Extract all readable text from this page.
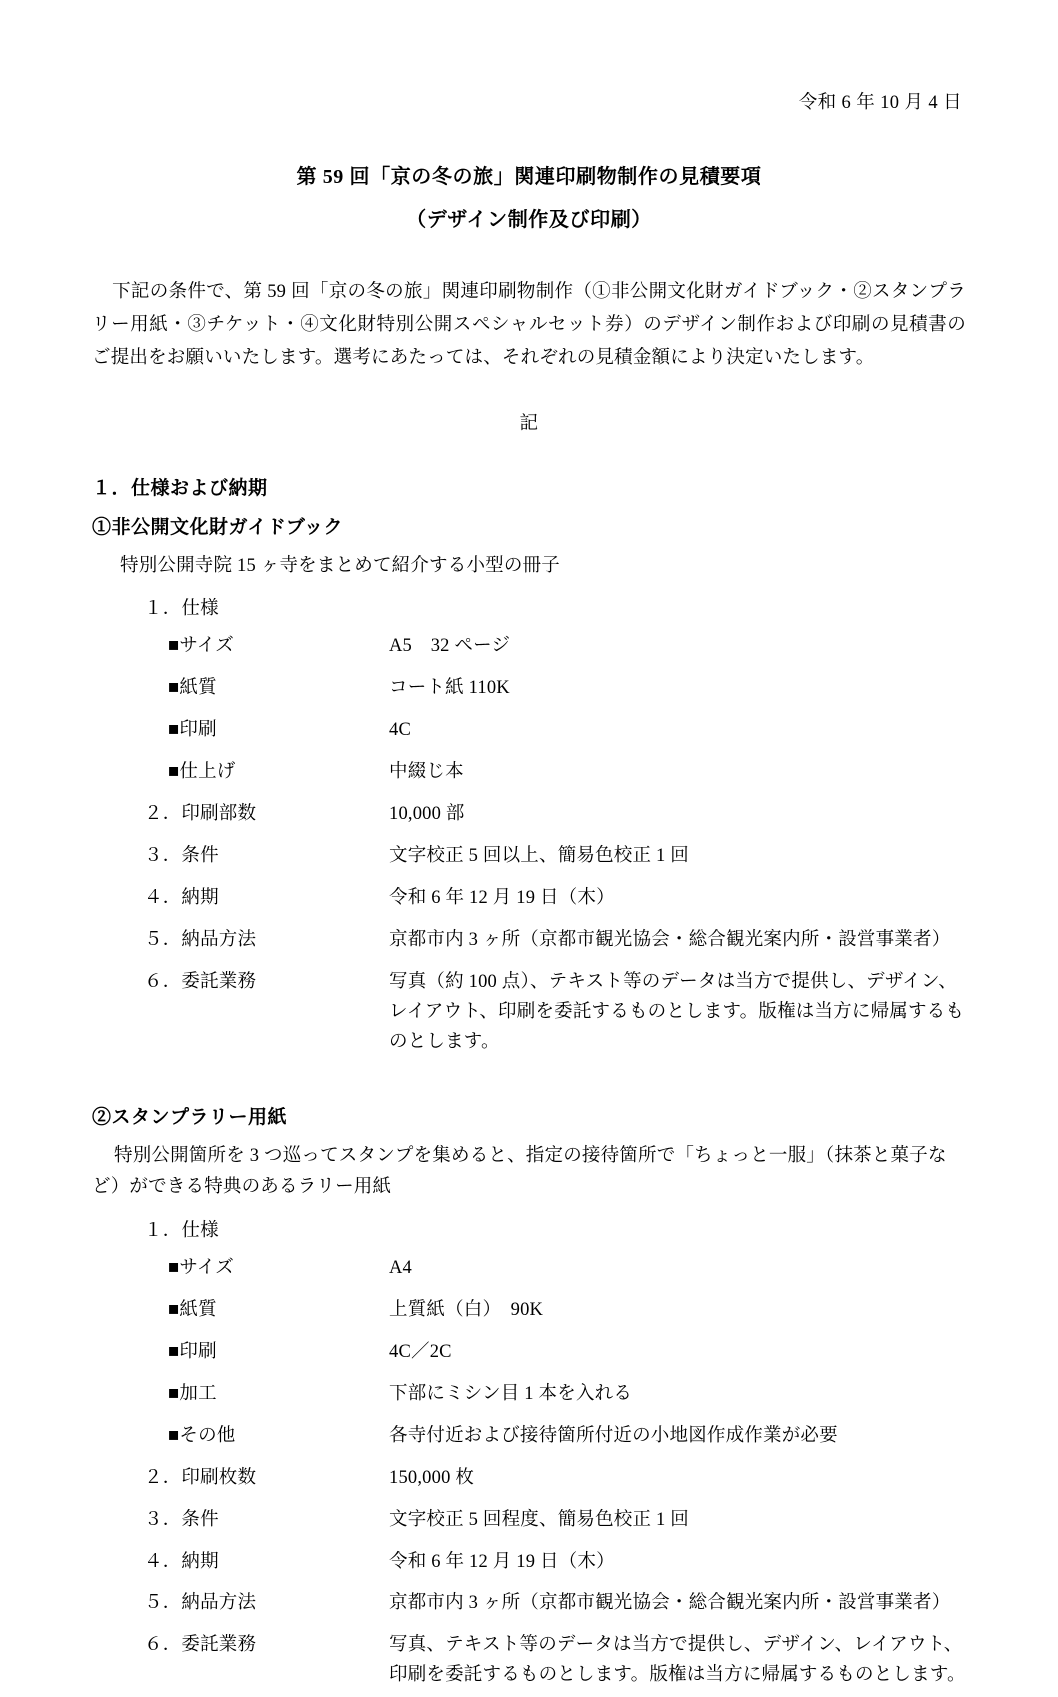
令和 6 年 10 月 4 日
第 59 回「京の冬の旅」関連印刷物制作の見積要項
（デザイン制作及び印刷）
下記の条件で、第 59 回「京の冬の旅」関連印刷物制作（①非公開文化財ガイドブック・②スタンプラリー用紙・③チケット・④文化財特別公開スペシャルセット券）のデザイン制作および印刷の見積書のご提出をお願いいたします。選考にあたっては、それぞれの見積金額により決定いたします。
記
１．仕様および納期
①非公開文化財ガイドブック
特別公開寺院 15 ヶ寺をまとめて紹介する小型の冊子
１．仕様
■サイズ	A5　32 ページ
■紙質	コート紙 110K
■印刷	4C
■仕上げ	中綴じ本
２．印刷部数	10,000 部
３．条件	文字校正 5 回以上、簡易色校正 1 回
４．納期	令和 6 年 12 月 19 日（木）
５．納品方法	京都市内 3 ヶ所（京都市観光協会・総合観光案内所・設営事業者）
６．委託業務	写真（約 100 点）、テキスト等のデータは当方で提供し、デザイン、レイアウト、印刷を委託するものとします。版権は当方に帰属するものとします。
②スタンプラリー用紙
特別公開箇所を 3 つ巡ってスタンプを集めると、指定の接待箇所で「ちょっと一服」（抹茶と菓子など）ができる特典のあるラリー用紙
１．仕様
■サイズ	A4
■紙質	上質紙（白）　90K
■印刷	4C／2C
■加工	下部にミシン目 1 本を入れる
■その他	各寺付近および接待箇所付近の小地図作成作業が必要
２．印刷枚数	150,000 枚
３．条件	文字校正 5 回程度、簡易色校正 1 回
４．納期	令和 6 年 12 月 19 日（木）
５．納品方法	京都市内 3 ヶ所（京都市観光協会・総合観光案内所・設営事業者）
６．委託業務	写真、テキスト等のデータは当方で提供し、デザイン、レイアウト、印刷を委託するものとします。版権は当方に帰属するものとします。
